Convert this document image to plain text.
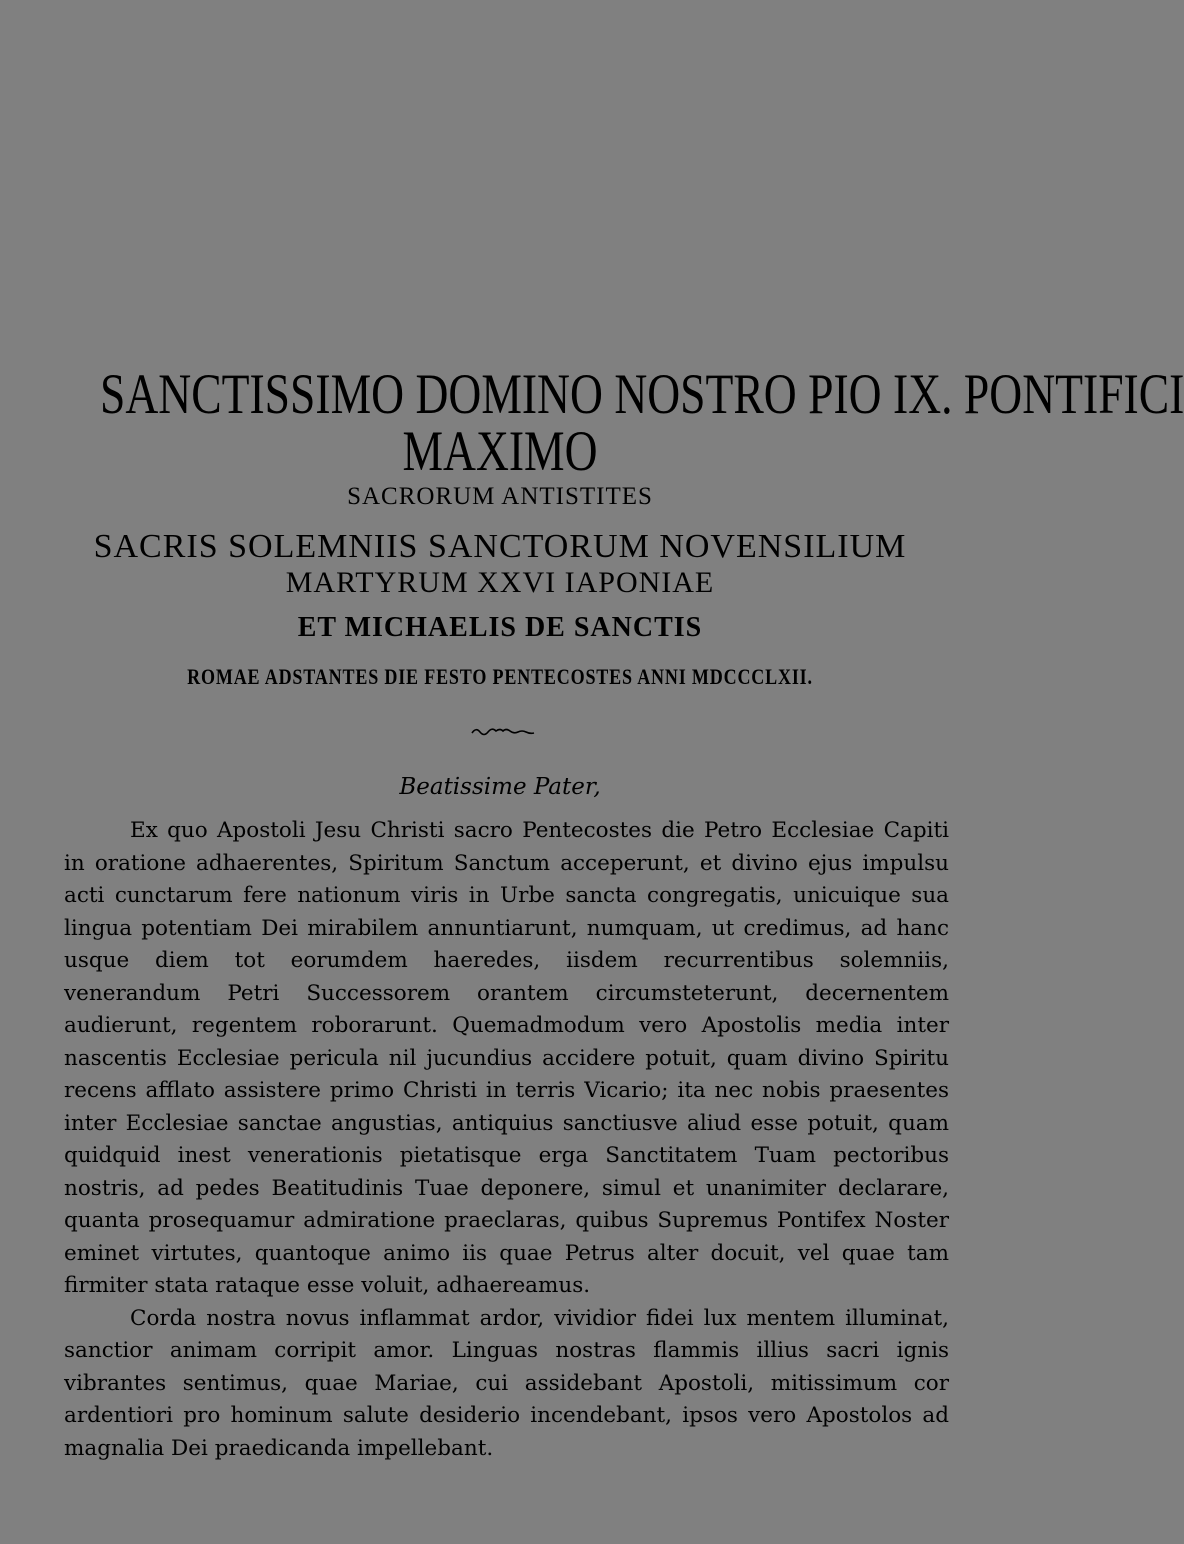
SANCTISSIMO DOMINO NOSTRO PIO IX. PONTIFICI
MAXIMO

SACRORUM ANTISTITES

SACRIS SOLEMNIIS SANCTORUM NOVENSILIUM

MARTYRUM XXVI IAPONIAE

ET MICHAELIS DE SANCTIS

ROMAE ADSTANTES DIE FESTO PENTECOSTES ANNI MDCCCLXII.

Beatissime Pater,

Ex quo Apostoli Jesu Christi sacro Pentecostes die Petro Ecclesiae Capiti in oratione adhaerentes, Spiritum Sanctum acceperunt, et divino ejus impulsu acti cunctarum fere nationum viris in Urbe sancta congregatis, unicuique sua lingua potentiam Dei mirabilem annuntiarunt, numquam, ut credimus, ad hanc usque diem tot eorumdem haeredes, iisdem recurrentibus solemniis, venerandum Petri Successorem orantem circumsteterunt, decernentem audierunt, regentem roborarunt. Quemadmodum vero Apostolis media inter nascentis Ecclesiae pericula nil jucundius accidere potuit, quam divino Spiritu recens afflato assistere primo Christi in terris Vicario; ita nec nobis praesentes inter Ecclesiae sanctae angustias, antiquius sanctiusve aliud esse potuit, quam quidquid inest venerationis pietatisque erga Sanctitatem Tuam pectoribus nostris, ad pedes Beatitudinis Tuae deponere, simul et unanimiter declarare, quanta prosequamur admiratione praeclaras, quibus Supremus Pontifex Noster eminet virtutes, quantoque animo iis quae Petrus alter docuit, vel quae tam firmiter stata rataque esse voluit, adhaereamus.

Corda nostra novus inflammat ardor, vividior fidei lux mentem illuminat, sanctior animam corripit amor. Linguas nostras flammis illius sacri ignis vibrantes sentimus, quae Mariae, cui assidebant Apostoli, mitissimum cor ardentiori pro hominum salute desiderio incendebant, ipsos vero Apostolos ad magnalia Dei praedicanda impellebant.
